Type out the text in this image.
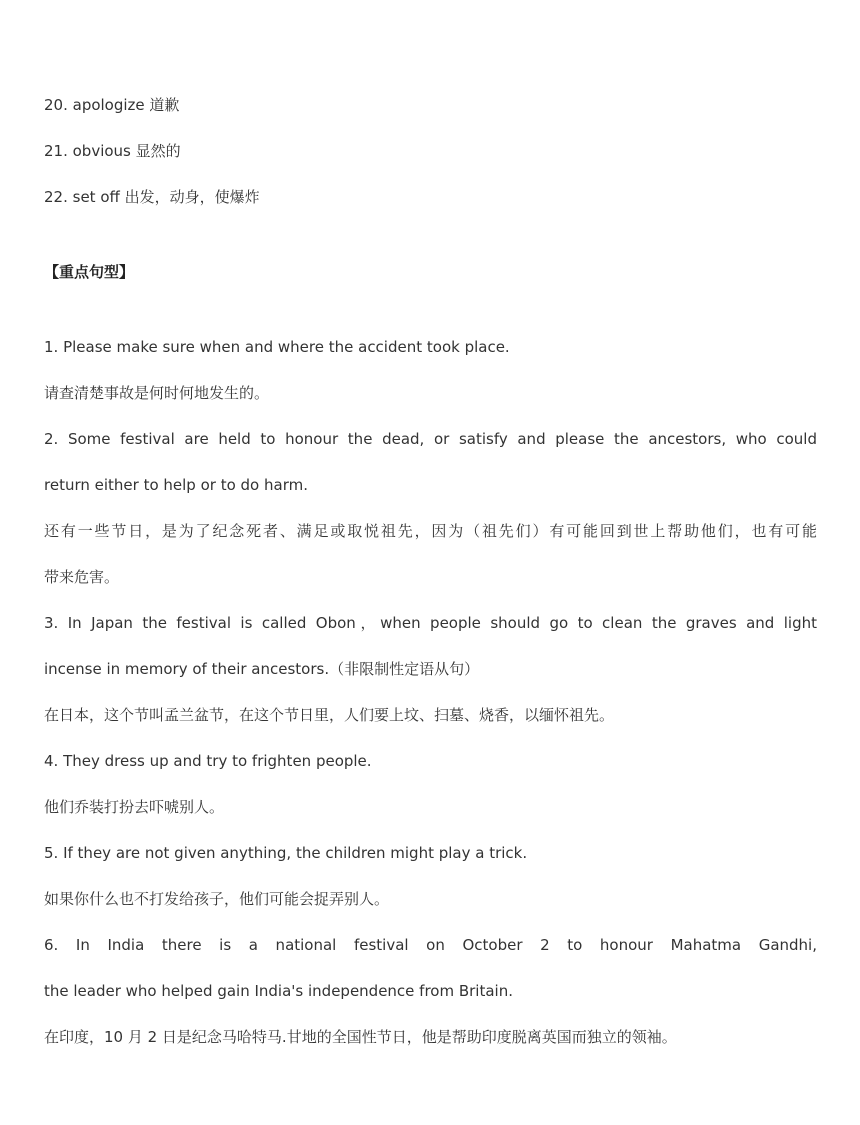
20. apologize 道歉
21. obvious 显然的
22. set off 出发，动身，使爆炸
【重点句型】
1. Please make sure when and where the accident took place.
请查清楚事故是何时何地发生的。
2. Some festival are held to honour the dead, or satisfy and please the ancestors, who could
return either to help or to do harm.
还有一些节日，是为了纪念死者、满足或取悦祖先，因为（祖先们）有可能回到世上帮助他们，也有可能
带来危害。
3. In Japan the festival is called Obon，when people should go to clean the graves and light
incense in memory of their ancestors.（非限制性定语从句）
在日本，这个节叫孟兰盆节，在这个节日里，人们要上坟、扫墓、烧香，以缅怀祖先。
4. They dress up and try to frighten people.
他们乔装打扮去吓唬别人。
5. If they are not given anything, the children might play a trick.
如果你什么也不打发给孩子，他们可能会捉弄别人。
6. In India there is a national festival on October 2 to honour Mahatma Gandhi,
the leader who helped gain India's independence from Britain.
在印度，10 月 2 日是纪念马哈特马.甘地的全国性节日，他是帮助印度脱离英国而独立的领袖。
